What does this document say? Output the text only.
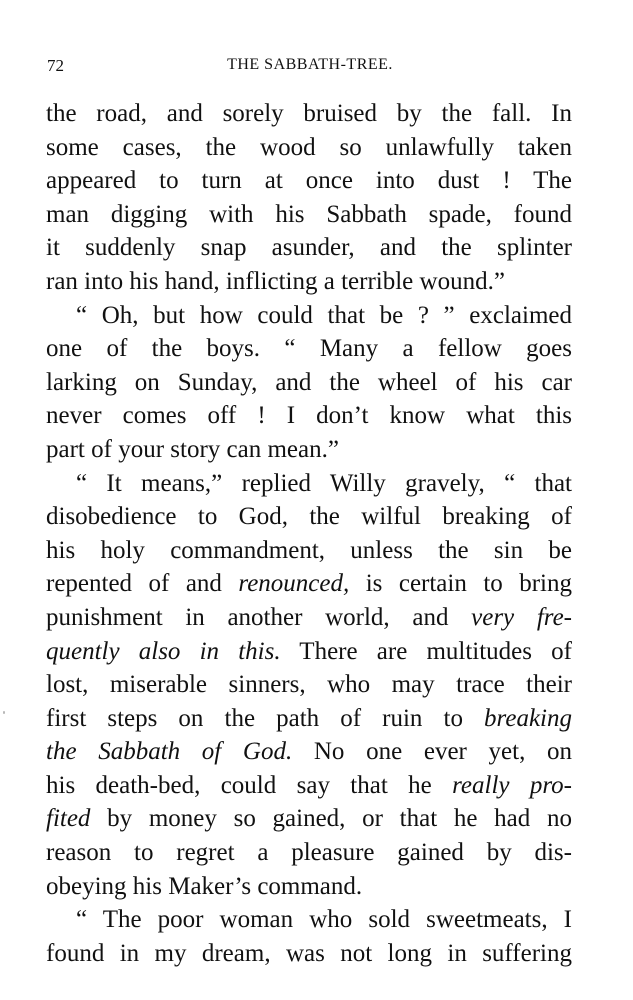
72	THE SABBATH-TREE.
the road, and sorely bruised by the fall. In
some cases, the wood so unlawfully taken
appeared to turn at once into dust ! The
man digging with his Sabbath spade, found
it suddenly snap asunder, and the splinter
ran into his hand, inflicting a terrible wound.”
“ Oh, but how could that be ? ” exclaimed
one of the boys. “ Many a fellow goes
larking on Sunday, and the wheel of his car
never comes off ! I don’t know what this
part of your story can mean.”
“ It means,” replied Willy gravely, “ that
disobedience to God, the wilful breaking of
his holy commandment, unless the sin be
repented of and renounced, is certain to bring
punishment in another world, and very fre-
quently also in this. There are multitudes of
lost, miserable sinners, who may trace their
first steps on the path of ruin to breaking
the Sabbath of God. No one ever yet, on
his death-bed, could say that he really pro-
fited by money so gained, or that he had no
reason to regret a pleasure gained by dis-
obeying his Maker’s command.
“ The poor woman who sold sweetmeats, I
found in my dream, was not long in suffering
